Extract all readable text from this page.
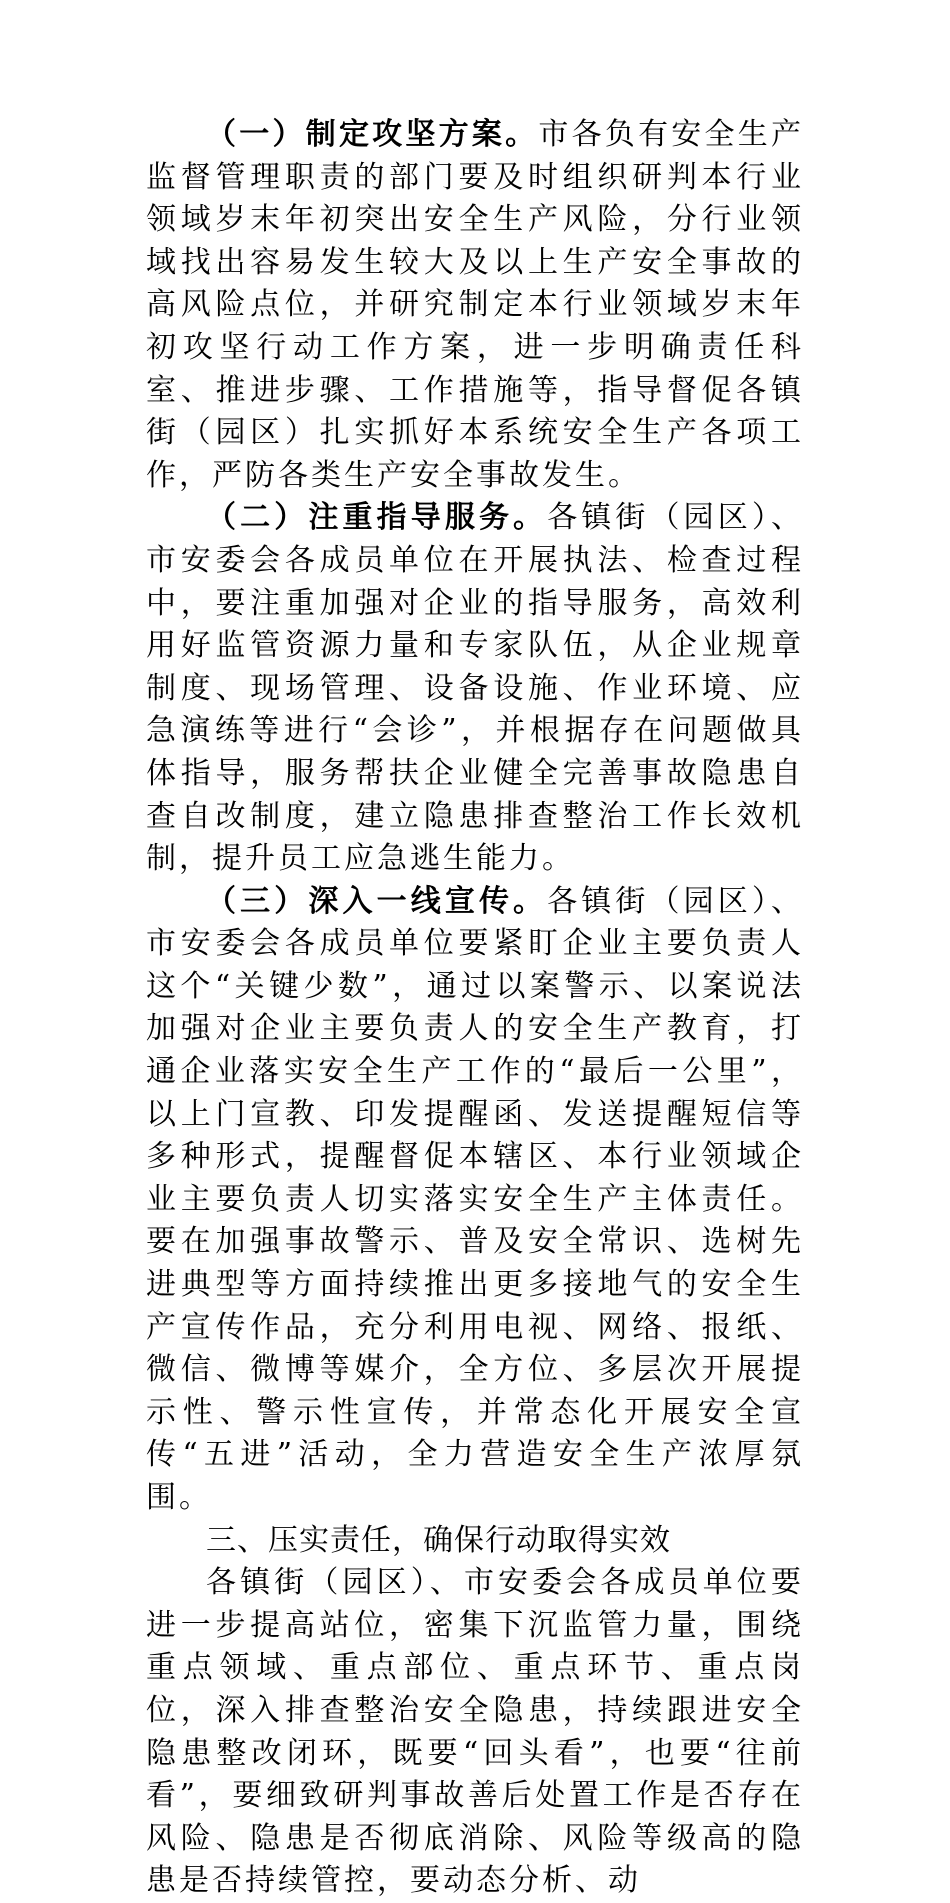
（一）制定攻坚方案。市各负有安全生产监督管理职责的部门要及时组织研判本行业领域岁末年初突出安全生产风险，分行业领域找出容易发生较大及以上生产安全事故的高风险点位，并研究制定本行业领域岁末年初攻坚行动工作方案，进一步明确责任科室、推进步骤、工作措施等，指导督促各镇街（园区）扎实抓好本系统安全生产各项工作，严防各类生产安全事故发生。

（二）注重指导服务。各镇街（园区）、市安委会各成员单位在开展执法、检查过程中，要注重加强对企业的指导服务，高效利用好监管资源力量和专家队伍，从企业规章制度、现场管理、设备设施、作业环境、应急演练等进行“会诊”，并根据存在问题做具体指导，服务帮扶企业健全完善事故隐患自查自改制度，建立隐患排查整治工作长效机制，提升员工应急逃生能力。

（三）深入一线宣传。各镇街（园区）、市安委会各成员单位要紧盯企业主要负责人这个“关键少数”，通过以案警示、以案说法加强对企业主要负责人的安全生产教育，打通企业落实安全生产工作的“最后一公里”，以上门宣教、印发提醒函、发送提醒短信等多种形式，提醒督促本辖区、本行业领域企业主要负责人切实落实安全生产主体责任。要在加强事故警示、普及安全常识、选树先进典型等方面持续推出更多接地气的安全生产宣传作品，充分利用电视、网络、报纸、微信、微博等媒介，全方位、多层次开展提示性、警示性宣传，并常态化开展安全宣传“五进”活动，全力营造安全生产浓厚氛围。

三、压实责任，确保行动取得实效

各镇街（园区）、市安委会各成员单位要进一步提高站位，密集下沉监管力量，围绕重点领域、重点部位、重点环节、重点岗位，深入排查整治安全隐患，持续跟进安全隐患整改闭环，既要“回头看”，也要“往前看”，要细致研判事故善后处置工作是否存在风险、隐患是否彻底消除、风险等级高的隐患是否持续管控，要动态分析、动
